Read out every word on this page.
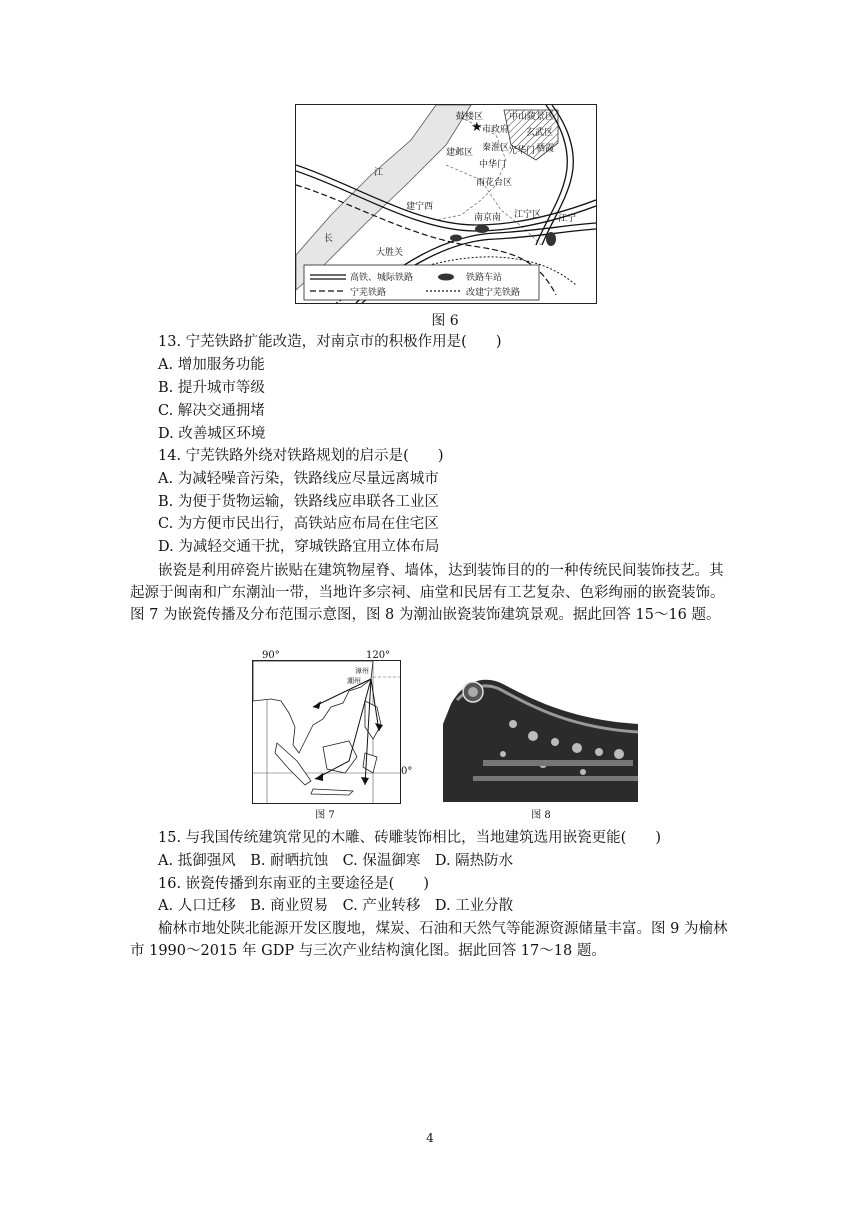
★
鼓楼区	中山陵景区
市政府 玄武区
建邺区 秦淮区
光华门
中华门
雨花台区
南京南 江宁区
江
长
大胜关
建宁西
栖霞
江宁
高铁、城际铁路	铁路车站
宁芜铁路	改建宁芜铁路
图 6
13. 宁芜铁路扩能改造，对南京市的积极作用是(　　)
A. 增加服务功能
B. 提升城市等级
C. 解决交通拥堵
D. 改善城区环境
14. 宁芜铁路外绕对铁路规划的启示是(　　)
A. 为减轻噪音污染，铁路线应尽量远离城市
B. 为便于货物运输，铁路线应串联各工业区
C. 为方便市民出行，高铁站应布局在住宅区
D. 为减轻交通干扰，穿城铁路宜用立体布局
嵌瓷是利用碎瓷片嵌贴在建筑物屋脊、墙体，达到装饰目的的一种传统民间装饰技艺。其起源于闽南和广东潮汕一带，当地许多宗祠、庙堂和民居有工艺复杂、色彩绚丽的嵌瓷装饰。图 7 为嵌瓷传播及分布范围示意图，图 8 为潮汕嵌瓷装饰建筑景观。据此回答 15～16 题。
漳州
潮州
90°	120°
0°
图 7	图 8
15. 与我国传统建筑常见的木雕、砖雕装饰相比，当地建筑选用嵌瓷更能(　　)
A. 抵御强风　B. 耐晒抗蚀　C. 保温御寒　D. 隔热防水
16. 嵌瓷传播到东南亚的主要途径是(　　)
A. 人口迁移　B. 商业贸易　C. 产业转移　D. 工业分散
榆林市地处陕北能源开发区腹地，煤炭、石油和天然气等能源资源储量丰富。图 9 为榆林市 1990～2015 年 GDP 与三次产业结构演化图。据此回答 17～18 题。
4
